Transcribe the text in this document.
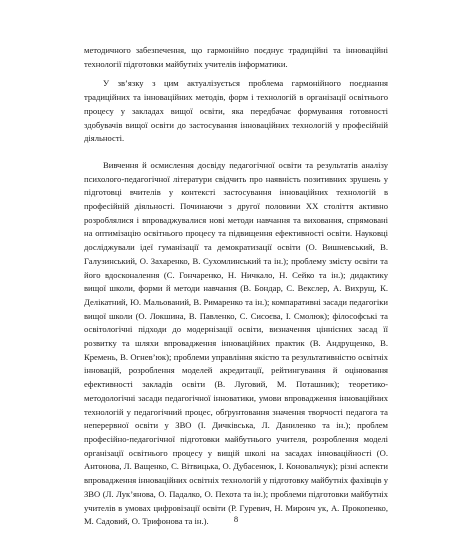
методичного забезпечення, що гармонійно поєднує традиційні та інноваційні технології підготовки майбутніх учителів інформатики.

У зв’язку з цим актуалізується проблема гармонійного поєднання традиційних та інноваційних методів, форм і технологій в організації освітнього процесу у закладах вищої освіти, яка передбачає формування готовності здобувачів вищої освіти до застосування інноваційних технологій у професійній діяльності.

Вивчення й осмислення досвіду педагогічної освіти та результатів аналізу психолого-педагогічної літератури свідчить про наявність позитивних зрушень у підготовці вчителів у контексті застосування інноваційних технологій в професійній діяльності. Починаючи з другої половини ХХ століття активно розроблялися і впроваджувалися нові методи навчання та виховання, спрямовані на оптимізацію освітнього процесу та підвищення ефективності освіти. Науковці досліджували ідеї гуманізації та демократизації освіти (О. Вишневський, В. Галузинський, О. Захаренко, В. Сухомлинський та ін.); проблему змісту освіти та його вдосконалення (С. Гончаренко, Н. Ничкало, Н. Сейко та ін.); дидактику вищої школи, форми й методи навчання (В. Бондар, С. Векслер, А. Вихрущ, К. Делікатний, Ю. Мальований, В. Римаренко та ін.); компаративні засади педагогіки вищої школи (О. Локшина, В. Павленко, С. Сисоєва, І. Смолюк); філософські та освітологічні підходи до модернізації освіти, визначення ціннісних засад її розвитку та шляхи впровадження інноваційних практик (В. Андрущенко, В. Кремень, В. Огнев’юк); проблеми управління якістю та результативністю освітніх інновацій, розроблення моделей акредитації, рейтингування й оцінювання ефективності закладів освіти (В. Луговий, М. Поташник); теоретико-методологічні засади педагогічної інноватики, умови впровадження інноваційних технологій у педагогічний процес, обґрунтовання значення творчості педагога та неперервної освіти у ЗВО (І. Дичківська, Л. Даниленко та ін.); проблем професійно-педагогічної підготовки майбутнього учителя, розроблення моделі організації освітнього процесу у вищій школі на засадах інноваційності (О. Антонова, Л. Ващенко, С. Вітвицька, О. Дубасенюк, І. Коновальчук); різні аспекти впровадження інноваційних освітніх технологій у підготовку майбутніх фахівців у ЗВО (Л. Лук’янова, О. Падалко, О. Пехота та ін.); проблеми підготовки майбутніх учителів в умовах цифровізації освіти (Р. Гуревич, Н. Миронч ук, А. Прокопенко, М. Садовий, О. Трифонова та ін.).	8
